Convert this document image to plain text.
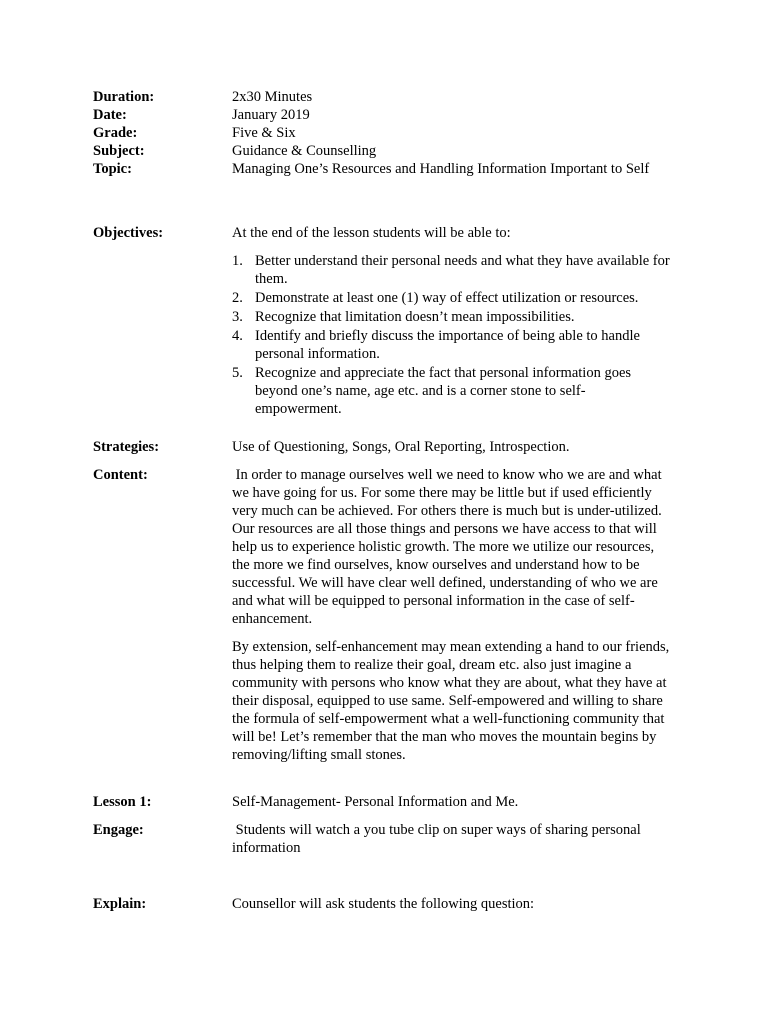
Duration:	2x30 Minutes
Date:	January 2019
Grade:	Five & Six
Subject:	Guidance & Counselling
Topic:	Managing One’s Resources and Handling Information Important to Self
Objectives:	At the end of the lesson students will be able to:

1. Better understand their personal needs and what they have available for them.
2. Demonstrate at least one (1) way of effect utilization or resources.
3. Recognize that limitation doesn’t mean impossibilities.
4. Identify and briefly discuss the importance of being able to handle personal information.
5. Recognize and appreciate the fact that personal information goes beyond one’s name, age etc. and is a corner stone to self-empowerment.
Strategies:	Use of Questioning, Songs, Oral Reporting, Introspection.
Content:	In order to manage ourselves well we need to know who we are and what we have going for us. For some there may be little but if used efficiently very much can be achieved. For others there is much but is under-utilized. Our resources are all those things and persons we have access to that will help us to experience holistic growth. The more we utilize our resources, the more we find ourselves, know ourselves and understand how to be successful. We will have clear well defined, understanding of who we are and what will be equipped to personal information in the case of self-enhancement.

By extension, self-enhancement may mean extending a hand to our friends, thus helping them to realize their goal, dream etc. also just imagine a community with persons who know what they are about, what they have at their disposal, equipped to use same. Self-empowered and willing to share the formula of self-empowerment what a well-functioning community that will be! Let’s remember that the man who moves the mountain begins by removing/lifting small stones.

Lesson 1:	Self-Management- Personal Information and Me.
Engage:	Students will watch a you tube clip on super ways of sharing personal information
Explain:	Counsellor will ask students the following question:
